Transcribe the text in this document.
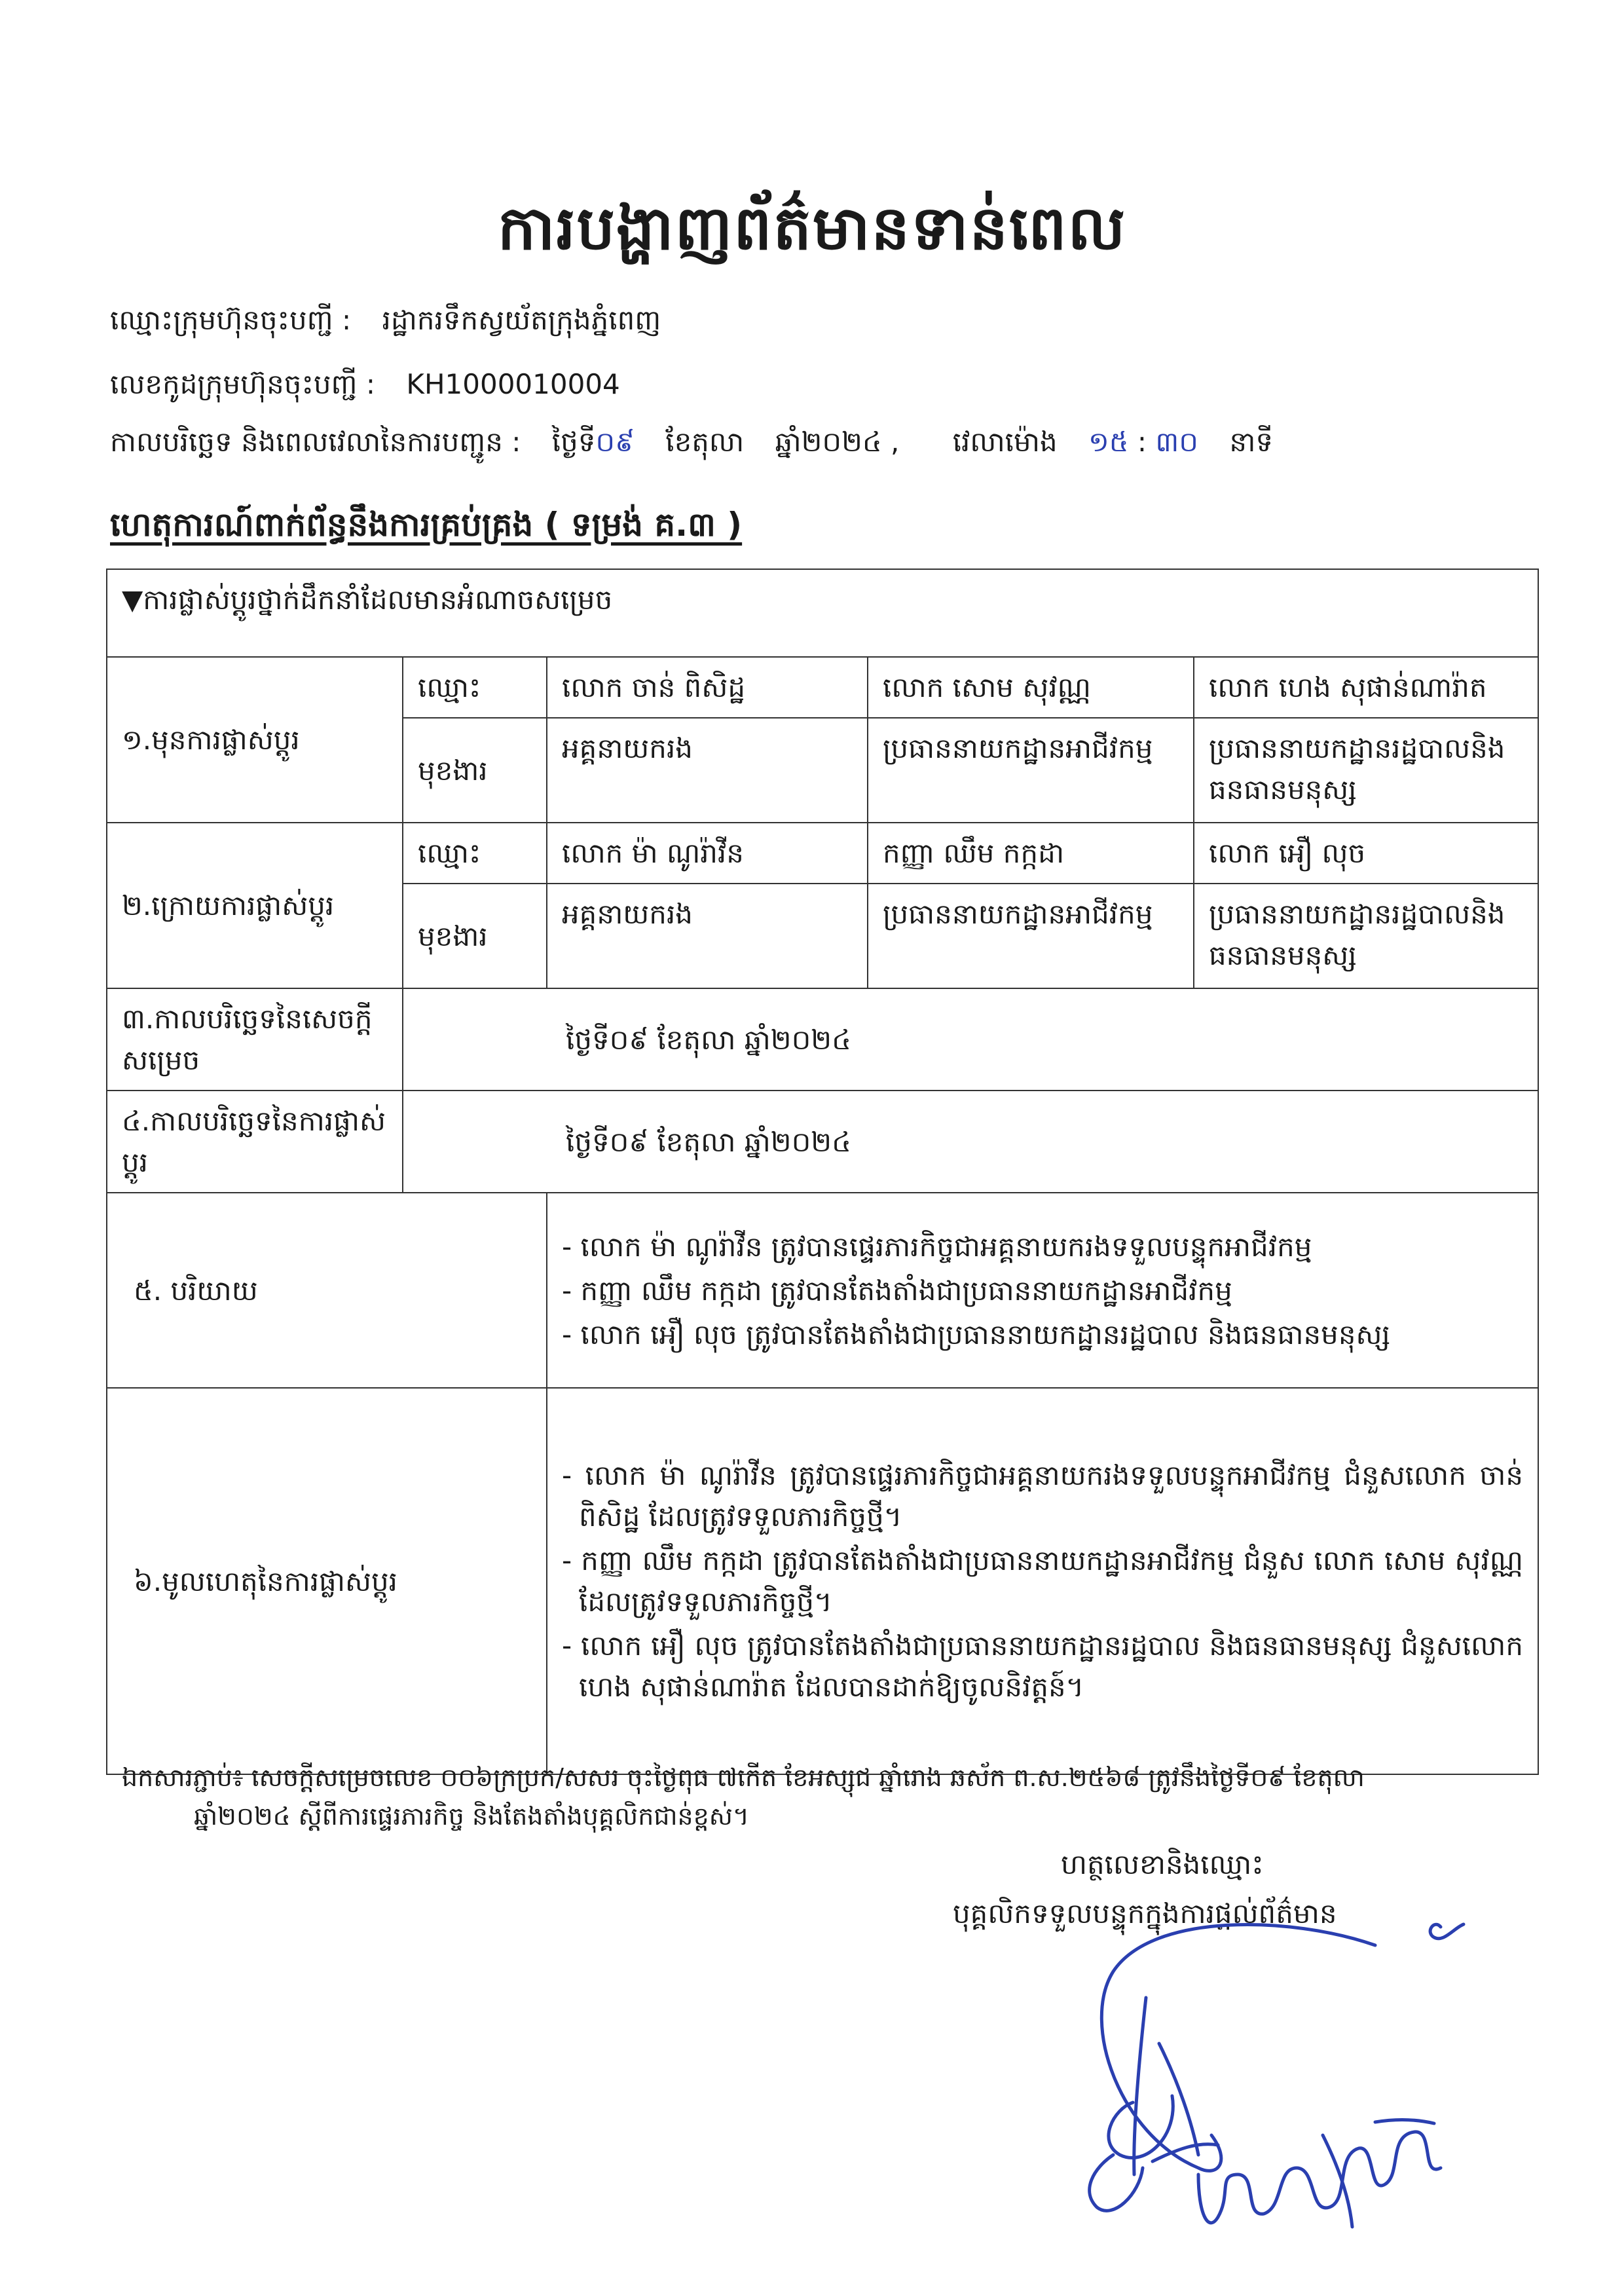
ការបង្ហាញព័ត៌មានទាន់ពេល
ឈ្មោះក្រុមហ៊ុនចុះបញ្ជី : រដ្ឋាករទឹកស្វយ័តក្រុងភ្នំពេញ
លេខកូដក្រុមហ៊ុនចុះបញ្ជី : KH1000010004
កាលបរិច្ឆេទ និងពេលវេលានៃការបញ្ជូន : ថ្ងៃទី០៩ ខែតុលា ឆ្នាំ២០២៤ , វេលាម៉ោង ១៥ : ៣០ នាទី
ហេតុការណ៍ពាក់ព័ន្ធនឹងការគ្រប់គ្រង ( ទម្រង់ គ.៣ )
▼ការផ្លាស់ប្តូរថ្នាក់ដឹកនាំដែលមានអំណាចសម្រេច				
១.មុនការផ្លាស់ប្តូរ	ឈ្មោះ	លោក ចាន់ ពិសិដ្ឋ	លោក សោម សុវណ្ណ	លោក ហេង សុផាន់ណារ៉ាត
	មុខងារ	អគ្គនាយករង	ប្រធាននាយកដ្ឋានអាជីវកម្ម	ប្រធាននាយកដ្ឋានរដ្ឋបាលនិងធនធានមនុស្ស
២.ក្រោយការផ្លាស់ប្តូរ	ឈ្មោះ	លោក ម៉ា ណូរ៉ាវីន	កញ្ញា ឈឹម កក្កដា	លោក អឿ លុច
	មុខងារ	អគ្គនាយករង	ប្រធាននាយកដ្ឋានអាជីវកម្ម	ប្រធាននាយកដ្ឋានរដ្ឋបាលនិងធនធានមនុស្ស
៣.កាលបរិច្ឆេទនៃសេចក្តីសម្រេច	ថ្ងៃទី០៩ ខែតុលា ឆ្នាំ២០២៤			
៤.កាលបរិច្ឆេទនៃការផ្លាស់ប្តូរ	ថ្ងៃទី០៩ ខែតុលា ឆ្នាំ២០២៤			
៥. បរិយាយ		- លោក ម៉ា ណូរ៉ាវីន ត្រូវបានផ្ទេរភារកិច្ចជាអគ្គនាយករងទទួលបន្ទុកអាជីវកម្ម
- កញ្ញា ឈឹម កក្កដា ត្រូវបានតែងតាំងជាប្រធាននាយកដ្ឋានអាជីវកម្ម
- លោក អឿ លុច ត្រូវបានតែងតាំងជាប្រធាននាយកដ្ឋានរដ្ឋបាល និងធនធានមនុស្ស		

៦.មូលហេតុនៃការផ្លាស់ប្តូរ		- លោក ម៉ា ណូរ៉ាវីន ត្រូវបានផ្ទេរភារកិច្ចជាអគ្គនាយករងទទួលបន្ទុកអាជីវកម្ម ជំនួសលោក ចាន់ ពិសិដ្ឋ ដែលត្រូវទទួលភារកិច្ចថ្មី។
- កញ្ញា ឈឹម កក្កដា ត្រូវបានតែងតាំងជាប្រធាននាយកដ្ឋានអាជីវកម្ម ជំនួស លោក សោម សុវណ្ណ ដែលត្រូវទទួលភារកិច្ចថ្មី។
- លោក អឿ លុច ត្រូវបានតែងតាំងជាប្រធាននាយកដ្ឋានរដ្ឋបាល និងធនធានមនុស្ស ជំនួសលោក ហេង សុផាន់ណារ៉ាត ដែលបានដាក់ឱ្យចូលនិវត្តន៍។		
ឯកសារភ្ជាប់៖ សេចក្តីសម្រេចលេខ ០០៦ក្រប្រក/សសរ ចុះថ្ងៃពុធ ៧កើត ខែអស្សុជ ឆ្នាំរោង ឆស័ក ព.ស.២៥៦៨ ត្រូវនឹងថ្ងៃទី០៩ ខែតុលា
ឆ្នាំ២០២៤ ស្តីពីការផ្ទេរភារកិច្ច និងតែងតាំងបុគ្គលិកជាន់ខ្ពស់។
ហត្ថលេខានិងឈ្មោះ
បុគ្គលិកទទួលបន្ទុកក្នុងការផ្តល់ព័ត៌មាន
